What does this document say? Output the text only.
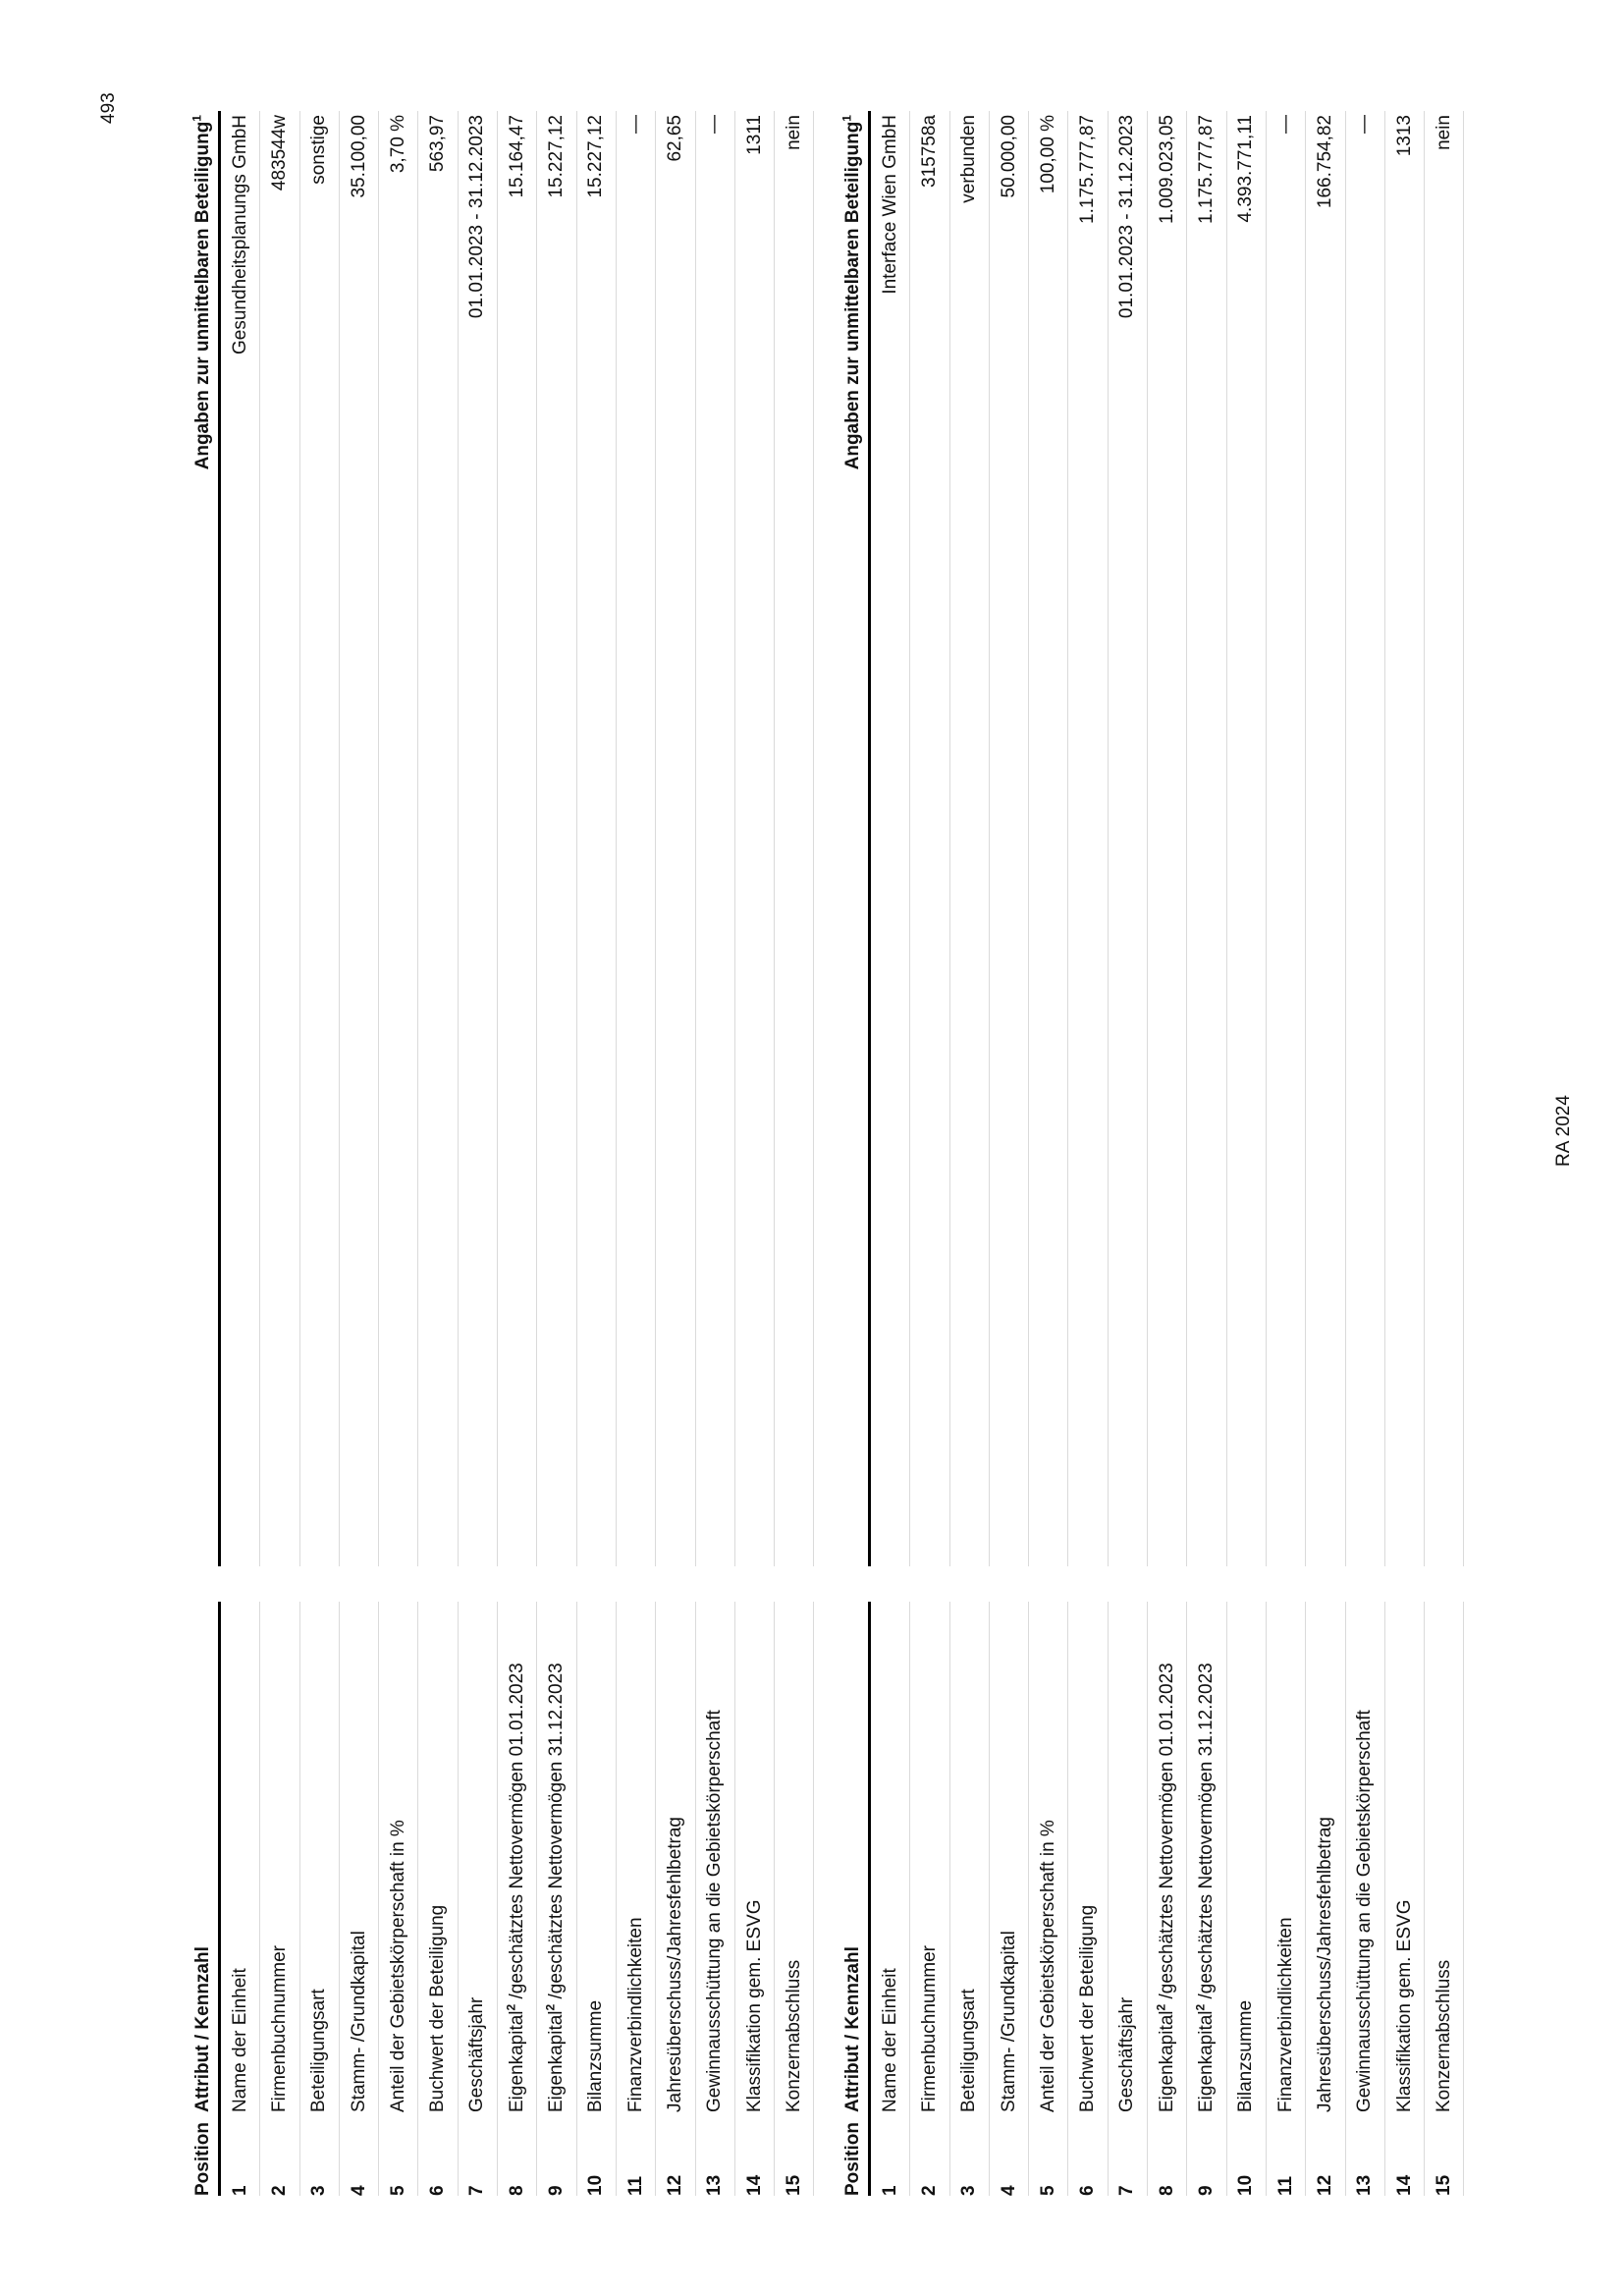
493
Position	Attribut / Kennzahl		Angaben zur unmittelbaren Beteiligung$^1$
1	Name der Einheit		Gesundheitsplanungs GmbH
2	Firmenbuchnummer		483544w
3	Beteiligungsart		sonstige
4	Stamm- /Grundkapital		35.100,00
5	Anteil der Gebietskörperschaft in %		3,70 %
6	Buchwert der Beteiligung		563,97
7	Geschäftsjahr		01.01.2023 - 31.12.2023
8	Eigenkapital$^2$ /geschätztes Nettovermögen 01.01.2023		15.164,47
9	Eigenkapital$^2$ /geschätztes Nettovermögen 31.12.2023		15.227,12
10	Bilanzsumme		15.227,12
11	Finanzverbindlichkeiten		—
12	Jahresüberschuss/Jahresfehlbetrag		62,65
13	Gewinnausschüttung an die Gebietskörperschaft		—
14	Klassifikation gem. ESVG		1311
15	Konzernabschluss		nein
Position	Attribut / Kennzahl		Angaben zur unmittelbaren Beteiligung$^1$
1	Name der Einheit		Interface Wien GmbH
2	Firmenbuchnummer		315758a
3	Beteiligungsart		verbunden
4	Stamm- /Grundkapital		50.000,00
5	Anteil der Gebietskörperschaft in %		100,00 %
6	Buchwert der Beteiligung		1.175.777,87
7	Geschäftsjahr		01.01.2023 - 31.12.2023
8	Eigenkapital$^2$ /geschätztes Nettovermögen 01.01.2023		1.009.023,05
9	Eigenkapital$^2$ /geschätztes Nettovermögen 31.12.2023		1.175.777,87
10	Bilanzsumme		4.393.771,11
11	Finanzverbindlichkeiten		—
12	Jahresüberschuss/Jahresfehlbetrag		166.754,82
13	Gewinnausschüttung an die Gebietskörperschaft		—
14	Klassifikation gem. ESVG		1313
15	Konzernabschluss		nein
RA 2024
